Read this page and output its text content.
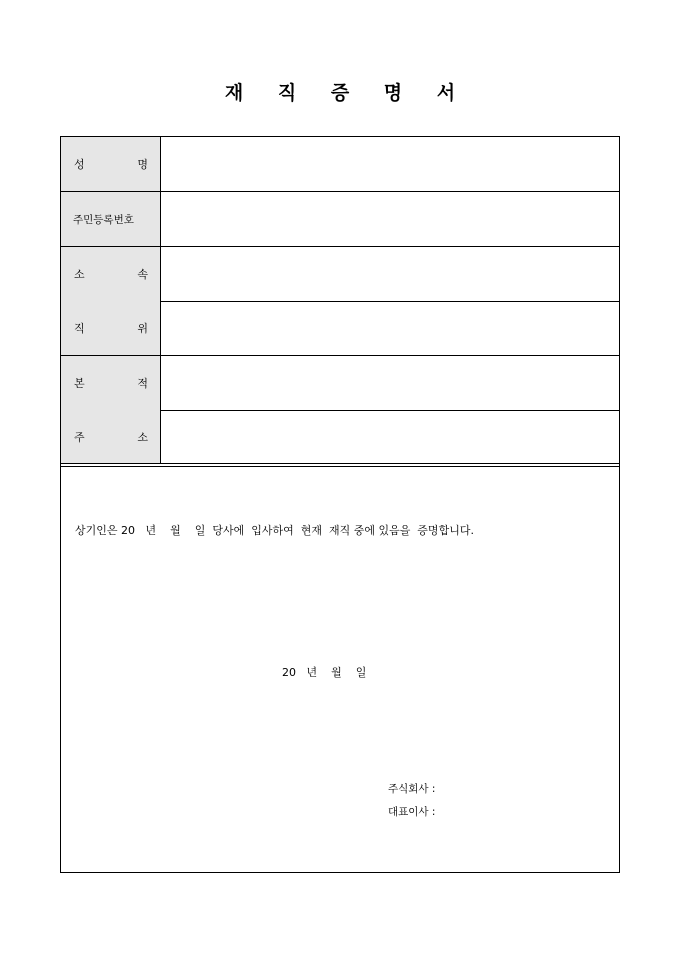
재 직 증 명 서
성	명
주민등록번호
소	속
직	위
본	적
주	소
상기인은 20   년    월    일  당사에  입사하여  현재  재직 중에 있음을  증명합니다.
20   년    월    일
주식회사 :
대표이사 :
